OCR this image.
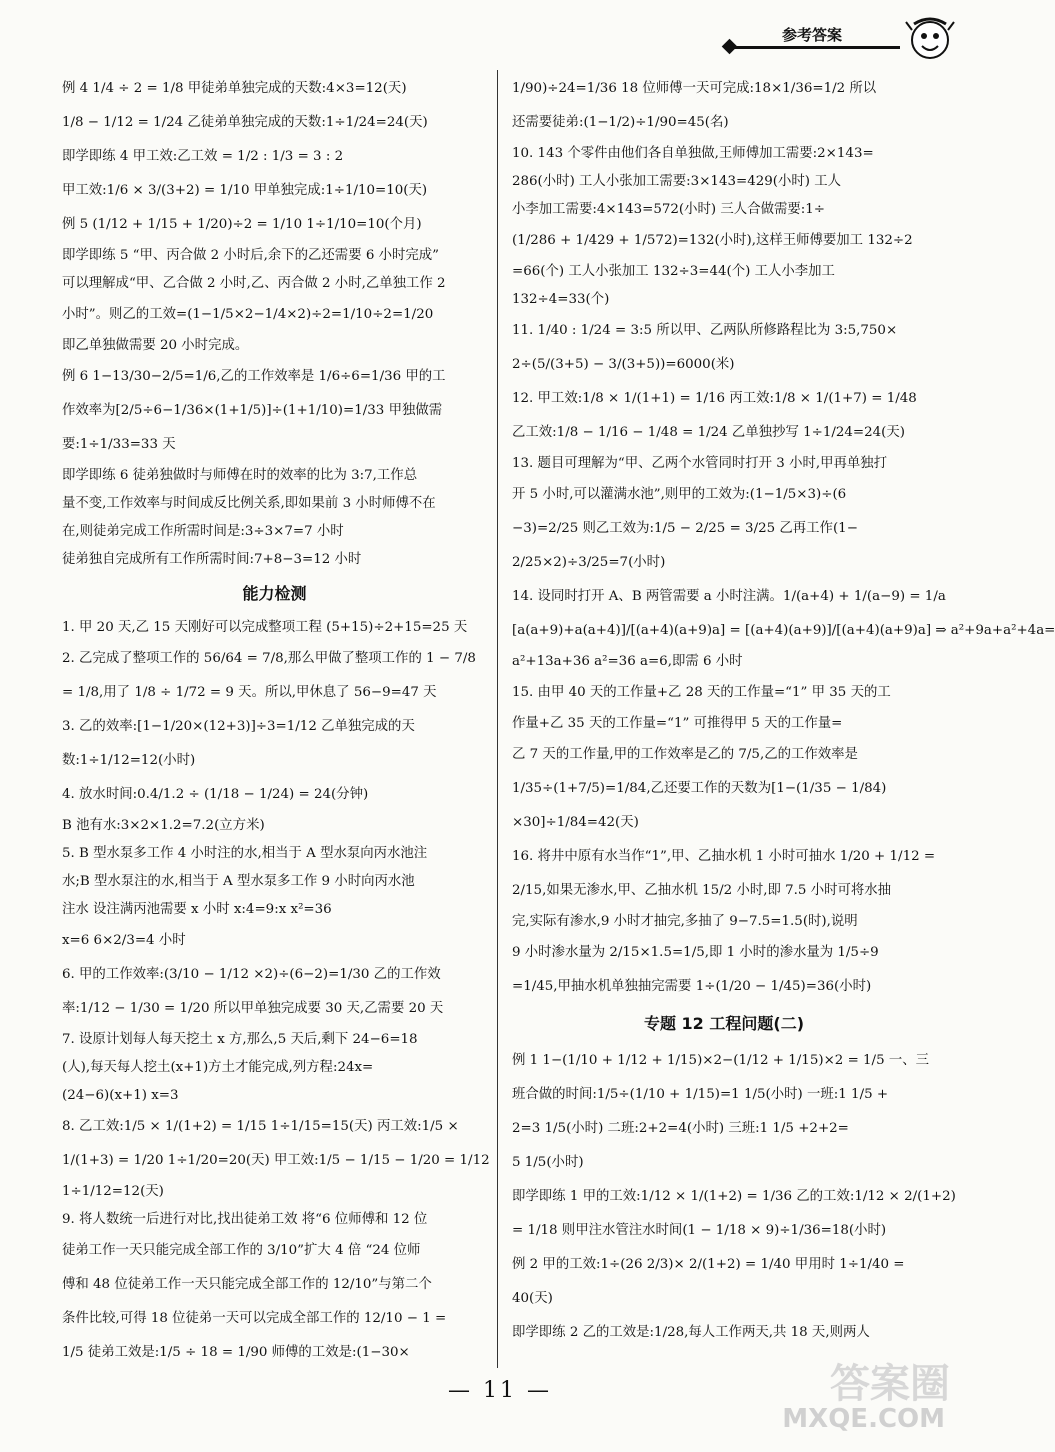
参考答案
例 4 1/4 ÷ 2 = 1/8 甲徒弟单独完成的天数:4×3=12(天)
1/8 − 1/12 = 1/24 乙徒弟单独完成的天数:1÷1/24=24(天)
即学即练 4 甲工效:乙工效 = 1/2 : 1/3 = 3 : 2
甲工效:1/6 × 3/(3+2) = 1/10 甲单独完成:1÷1/10=10(天)
例 5 (1/12 + 1/15 + 1/20)÷2 = 1/10 1÷1/10=10(个月)
即学即练 5 “甲、丙合做 2 小时后,余下的乙还需要 6 小时完成”
可以理解成“甲、乙合做 2 小时,乙、丙合做 2 小时,乙单独工作 2
小时”。则乙的工效=(1−1/5×2−1/4×2)÷2=1/10÷2=1/20
即乙单独做需要 20 小时完成。
例 6 1−13/30−2/5=1/6,乙的工作效率是 1/6÷6=1/36 甲的工
作效率为[2/5÷6−1/36×(1+1/5)]÷(1+1/10)=1/33 甲独做需
要:1÷1/33=33 天
即学即练 6 徒弟独做时与师傅在时的效率的比为 3:7,工作总
量不变,工作效率与时间成反比例关系,即如果前 3 小时师傅不在
在,则徒弟完成工作所需时间是:3÷3×7=7 小时
徒弟独自完成所有工作所需时间:7+8−3=12 小时
能力检测
1. 甲 20 天,乙 15 天刚好可以完成整项工程 (5+15)÷2+15=25 天
2. 乙完成了整项工作的 56/64 = 7/8,那么甲做了整项工作的 1 − 7/8
= 1/8,用了 1/8 ÷ 1/72 = 9 天。所以,甲休息了 56−9=47 天
3. 乙的效率:[1−1/20×(12+3)]÷3=1/12 乙单独完成的天
数:1÷1/12=12(小时)
4. 放水时间:0.4/1.2 ÷ (1/18 − 1/24) = 24(分钟)
B 池有水:3×2×1.2=7.2(立方米)
5. B 型水泵多工作 4 小时注的水,相当于 A 型水泵向丙水池注
水;B 型水泵注的水,相当于 A 型水泵多工作 9 小时向丙水池
注水 设注满丙池需要 x 小时 x:4=9:x x²=36
x=6 6×2/3=4 小时
6. 甲的工作效率:(3/10 − 1/12 ×2)÷(6−2)=1/30 乙的工作效
率:1/12 − 1/30 = 1/20 所以甲单独完成要 30 天,乙需要 20 天
7. 设原计划每人每天挖土 x 方,那么,5 天后,剩下 24−6=18
(人),每天每人挖土(x+1)方土才能完成,列方程:24x=
(24−6)(x+1) x=3
8. 乙工效:1/5 × 1/(1+2) = 1/15 1÷1/15=15(天) 丙工效:1/5 ×
1/(1+3) = 1/20 1÷1/20=20(天) 甲工效:1/5 − 1/15 − 1/20 = 1/12
1÷1/12=12(天)
9. 将人数统一后进行对比,找出徒弟工效 将“6 位师傅和 12 位
徒弟工作一天只能完成全部工作的 3/10”扩大 4 倍 “24 位师
傅和 48 位徒弟工作一天只能完成全部工作的 12/10”与第二个
条件比较,可得 18 位徒弟一天可以完成全部工作的 12/10 − 1 =
1/5 徒弟工效是:1/5 ÷ 18 = 1/90 师傅的工效是:(1−30×
1/90)÷24=1/36 18 位师傅一天可完成:18×1/36=1/2 所以
还需要徒弟:(1−1/2)÷1/90=45(名)
10. 143 个零件由他们各自单独做,王师傅加工需要:2×143=
286(小时) 工人小张加工需要:3×143=429(小时) 工人
小李加工需要:4×143=572(小时) 三人合做需要:1÷
(1/286 + 1/429 + 1/572)=132(小时),这样王师傅要加工 132÷2
=66(个) 工人小张加工 132÷3=44(个) 工人小李加工
132÷4=33(个)
11. 1/40 : 1/24 = 3:5 所以甲、乙两队所修路程比为 3:5,750×
2÷(5/(3+5) − 3/(3+5))=6000(米)
12. 甲工效:1/8 × 1/(1+1) = 1/16 丙工效:1/8 × 1/(1+7) = 1/48
乙工效:1/8 − 1/16 − 1/48 = 1/24 乙单独抄写 1÷1/24=24(天)
13. 题目可理解为“甲、乙两个水管同时打开 3 小时,甲再单独打
开 5 小时,可以灌满水池”,则甲的工效为:(1−1/5×3)÷(6
−3)=2/25 则乙工效为:1/5 − 2/25 = 3/25 乙再工作(1−
2/25×2)÷3/25=7(小时)
14. 设同时打开 A、B 两管需要 a 小时注满。1/(a+4) + 1/(a−9) = 1/a
[a(a+9)+a(a+4)]/[(a+4)(a+9)a] = [(a+4)(a+9)]/[(a+4)(a+9)a] ⇒ a²+9a+a²+4a=
a²+13a+36 a²=36 a=6,即需 6 小时
15. 由甲 40 天的工作量+乙 28 天的工作量=“1” 甲 35 天的工
作量+乙 35 天的工作量=“1” 可推得甲 5 天的工作量=
乙 7 天的工作量,甲的工作效率是乙的 7/5,乙的工作效率是
1/35÷(1+7/5)=1/84,乙还要工作的天数为[1−(1/35 − 1/84)
×30]÷1/84=42(天)
16. 将井中原有水当作“1”,甲、乙抽水机 1 小时可抽水 1/20 + 1/12 =
2/15,如果无渗水,甲、乙抽水机 15/2 小时,即 7.5 小时可将水抽
完,实际有渗水,9 小时才抽完,多抽了 9−7.5=1.5(时),说明
9 小时渗水量为 2/15×1.5=1/5,即 1 小时的渗水量为 1/5÷9
=1/45,甲抽水机单独抽完需要 1÷(1/20 − 1/45)=36(小时)
专题 12 工程问题(二)
例 1 1−(1/10 + 1/12 + 1/15)×2−(1/12 + 1/15)×2 = 1/5 一、三
班合做的时间:1/5÷(1/10 + 1/15)=1 1/5(小时) 一班:1 1/5 +
2=3 1/5(小时) 二班:2+2=4(小时) 三班:1 1/5 +2+2=
5 1/5(小时)
即学即练 1 甲的工效:1/12 × 1/(1+2) = 1/36 乙的工效:1/12 × 2/(1+2)
= 1/18 则甲注水管注水时间(1 − 1/18 × 9)÷1/36=18(小时)
例 2 甲的工效:1÷(26 2/3)× 2/(1+2) = 1/40 甲用时 1÷1/40 =
40(天)
即学即练 2 乙的工效是:1/28,每人工作两天,共 18 天,则两人
— 11 —	答案圈
MXQE.COM
